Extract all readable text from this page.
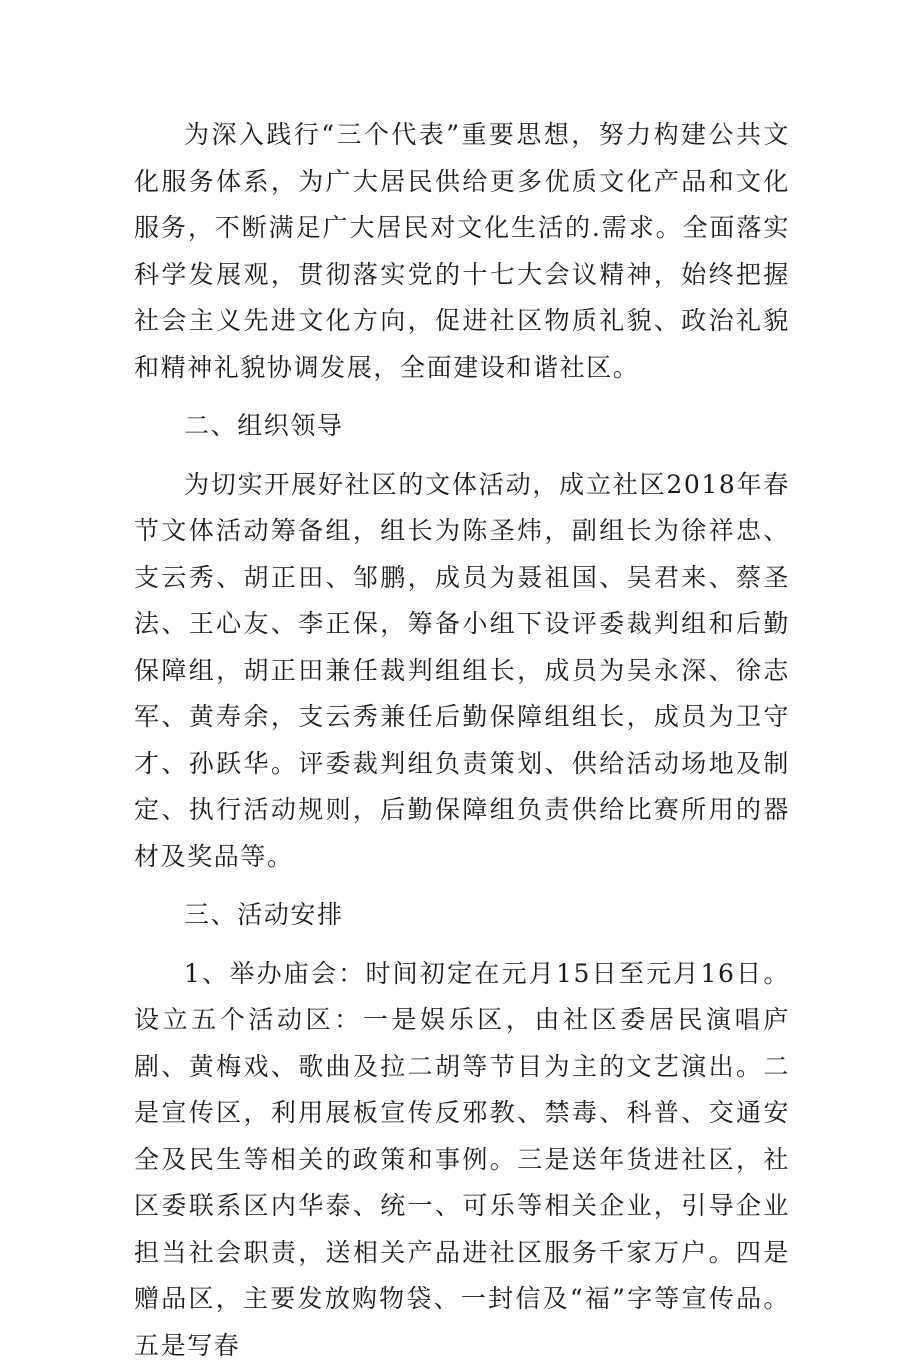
为深入践行“三个代表”重要思想，努力构建公共文化服务体系，为广大居民供给更多优质文化产品和文化服务，不断满足广大居民对文化生活的.需求。全面落实科学发展观，贯彻落实党的十七大会议精神，始终把握社会主义先进文化方向，促进社区物质礼貌、政治礼貌和精神礼貌协调发展，全面建设和谐社区。

二、组织领导

为切实开展好社区的文体活动，成立社区2018年春节文体活动筹备组，组长为陈圣炜，副组长为徐祥忠、支云秀、胡正田、邹鹏，成员为聂祖国、吴君来、蔡圣法、王心友、李正保，筹备小组下设评委裁判组和后勤保障组，胡正田兼任裁判组组长，成员为吴永深、徐志军、黄寿余，支云秀兼任后勤保障组组长，成员为卫守才、孙跃华。评委裁判组负责策划、供给活动场地及制定、执行活动规则，后勤保障组负责供给比赛所用的器材及奖品等。

三、活动安排

1、举办庙会：时间初定在元月15日至元月16日。设立五个活动区：一是娱乐区，由社区委居民演唱庐剧、黄梅戏、歌曲及拉二胡等节目为主的文艺演出。二是宣传区，利用展板宣传反邪教、禁毒、科普、交通安全及民生等相关的政策和事例。三是送年货进社区，社区委联系区内华泰、统一、可乐等相关企业，引导企业担当社会职责，送相关产品进社区服务千家万户。四是赠品区，主要发放购物袋、一封信及“福”字等宣传品。五是写春
